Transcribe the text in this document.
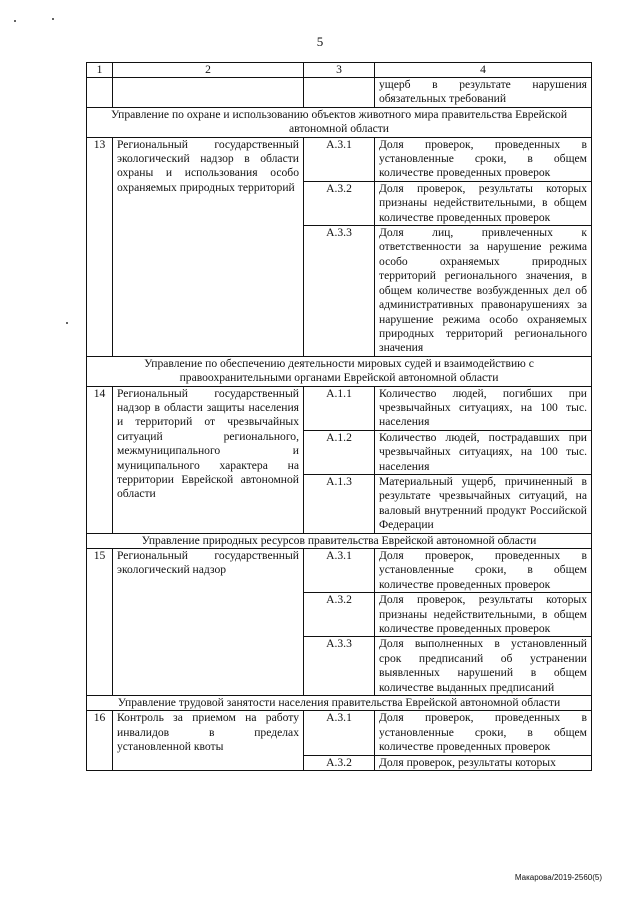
5
1	2	3	4
			ущерб в результате нарушения обязательных требований
Управление по охране и использованию объектов животного мира правительства Еврейской автономной области			
13	Региональный государственный экологический надзор в области охраны и использования особо охраняемых природных территорий	А.3.1	Доля проверок, проведенных в установленные сроки, в общем количестве проведенных проверок
		А.3.2	Доля проверок, результаты которых признаны недействительными, в общем количестве проведенных проверок
		А.3.3	Доля лиц, привлеченных к ответственности за нарушение режима особо охраняемых природных территорий регионального значения, в общем количестве возбужденных дел об административных правонарушениях за нарушение режима особо охраняемых природных территорий регионального значения
Управление по обеспечению деятельности мировых судей и взаимодействию с правоохранительными органами Еврейской автономной области			
14	Региональный государственный надзор в области защиты населения и территорий от чрезвычайных ситуаций регионального, межмуниципального и муниципального характера на территории Еврейской автономной области	А.1.1	Количество людей, погибших при чрезвычайных ситуациях, на 100 тыс. населения
		А.1.2	Количество людей, пострадавших при чрезвычайных ситуациях, на 100 тыс. населения
		А.1.3	Материальный ущерб, причиненный в результате чрезвычайных ситуаций, на валовый внутренний продукт Российской Федерации
Управление природных ресурсов правительства Еврейской автономной области			
15	Региональный государственный экологический надзор	А.3.1	Доля проверок, проведенных в установленные сроки, в общем количестве проведенных проверок
		А.3.2	Доля проверок, результаты которых признаны недействительными, в общем количестве проведенных проверок
		А.3.3	Доля выполненных в установленный срок предписаний об устранении выявленных нарушений в общем количестве выданных предписаний
Управление трудовой занятости населения правительства Еврейской автономной области			
16	Контроль за приемом на работу инвалидов в пределах установленной квоты	А.3.1	Доля проверок, проведенных в установленные сроки, в общем количестве проведенных проверок
		А.3.2	Доля проверок, результаты которых
Макарова/2019-2560(5)
